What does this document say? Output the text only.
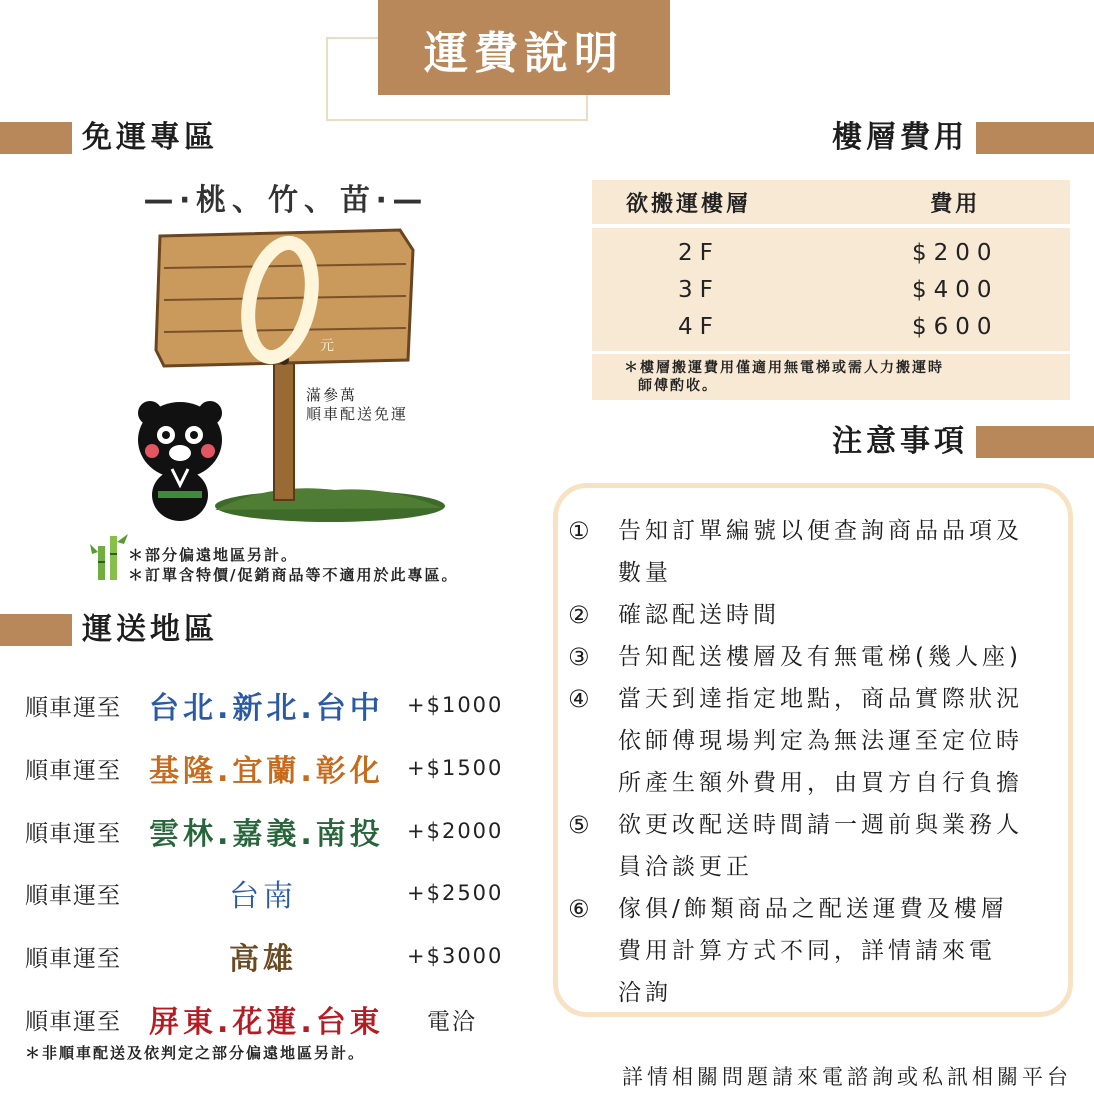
運費說明
免運專區
—‧桃、竹、苗‧—
元
滿參萬
順車配送免運
＊部分偏遠地區另計。
＊訂單含特價/促銷商品等不適用於此專區。
運送地區
順車運至 台北.新北.台中	+$1000
順車運至 基隆.宜蘭.彰化	+$1500
順車運至 雲林.嘉義.南投	+$2000
順車運至	台南	+$2500
順車運至	高雄	+$3000
順車運至 屏東.花蓮.台東	電洽
＊非順車配送及依判定之部分偏遠地區另計。
樓層費用
欲搬運樓層	費用
2F	$200
3F	$400
4F	$600
＊樓層搬運費用僅適用無電梯或需人力搬運時
師傅酌收。
注意事項
①	告知訂單編號以便查詢商品品項及
數量
②	確認配送時間
③	告知配送樓層及有無電梯(幾人座)
④	當天到達指定地點，商品實際狀況
依師傅現場判定為無法運至定位時
所產生額外費用，由買方自行負擔
⑤	欲更改配送時間請一週前與業務人
員洽談更正
⑥	傢俱/飾類商品之配送運費及樓層
費用計算方式不同，詳情請來電
洽詢
詳情相關問題請來電諮詢或私訊相關平台
